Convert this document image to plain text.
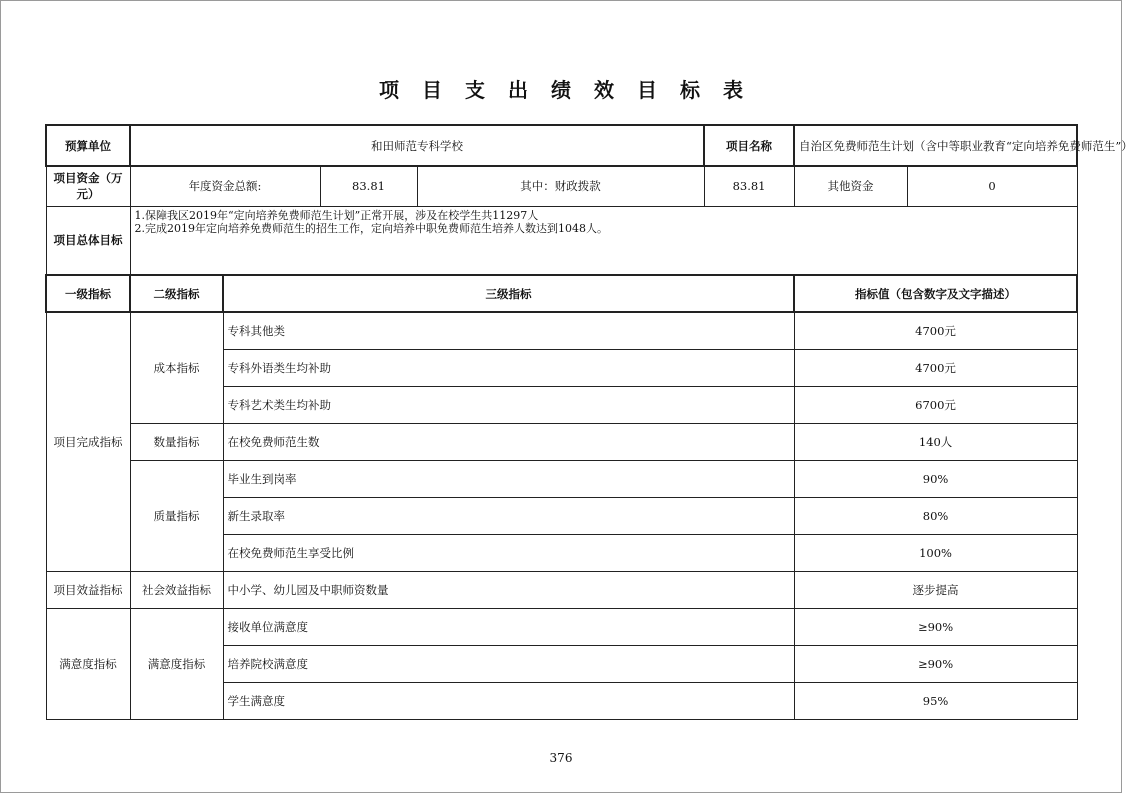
项目支出绩效目标表
预算单位	和田师范专科学校				项目名称	自治区免费师范生计划（含中等职业教育“定向培养免费师范生”）	
项目资金（万元）	年度资金总额:		83.81	其中：财政拨款	83.81	其他资金	0
项目总体目标	1.保障我区2019年“定向培养免费师范生计划”正常开展，涉及在校学生共11297人
2.完成2019年定向培养免费师范生的招生工作，定向培养中职免费师范生培养人数达到1048人。						

一级指标	二级指标	三级指标				指标值（包含数字及文字描述）	
项目完成指标	成本指标	专科其他类				4700元	
		专科外语类生均补助				4700元	
		专科艺术类生均补助				6700元	
	数量指标	在校免费师范生数				140人	
	质量指标	毕业生到岗率				90%	
		新生录取率				80%	
		在校免费师范生享受比例				100%	
项目效益指标	社会效益指标	中小学、幼儿园及中职师资数量				逐步提高	
满意度指标	满意度指标	接收单位满意度				≥90%	
		培养院校满意度				≥90%	
		学生满意度				95%	
376
